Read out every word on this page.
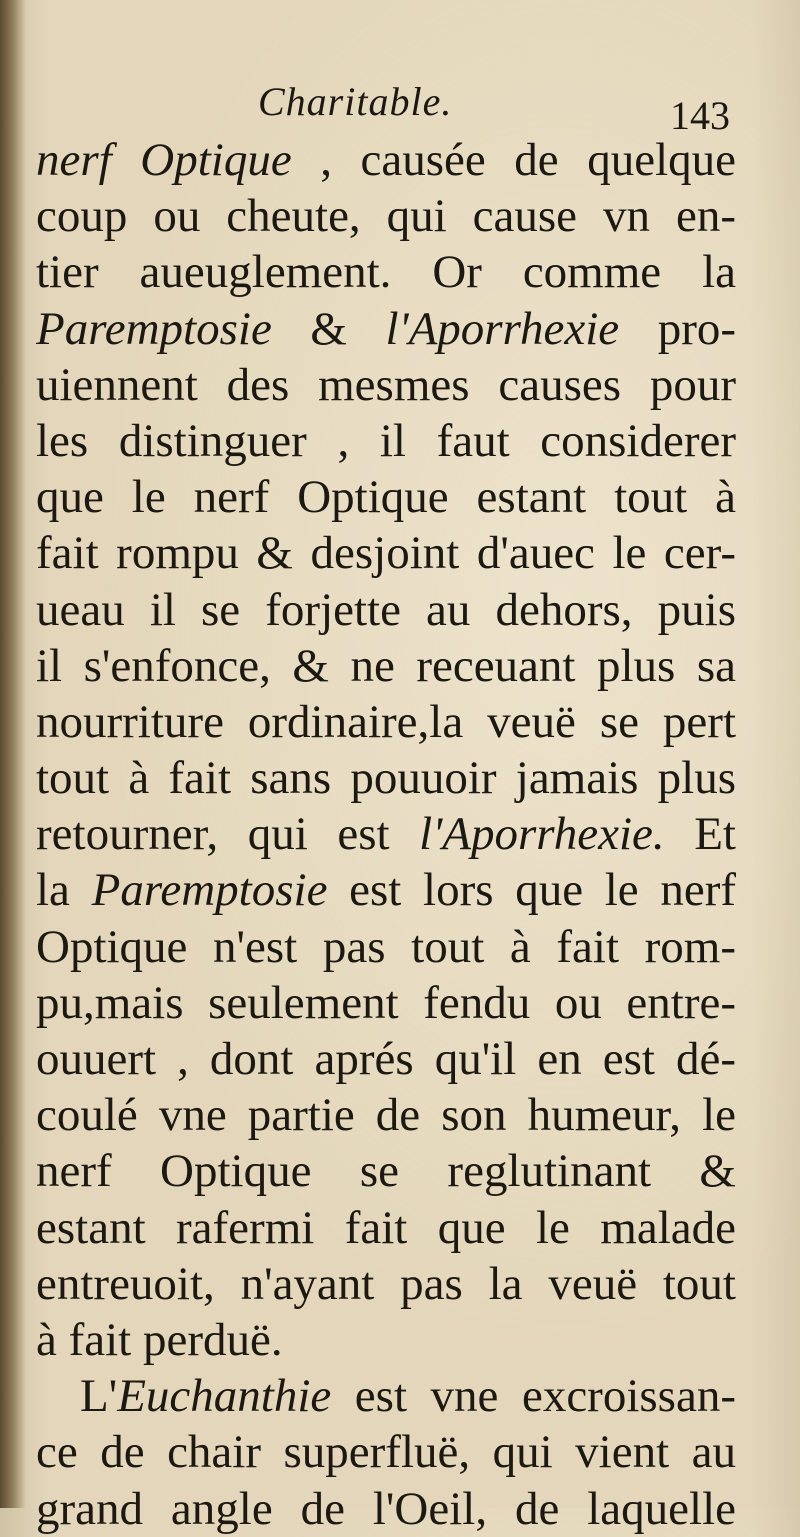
Charitable.	143
nerf Optique , causée de quelque
coup ou cheute, qui cause vn en-
tier aueuglement. Or comme la
Paremptosie & l'Aporrhexie pro-
uiennent des mesmes causes pour
les distinguer , il faut considerer
que le nerf Optique estant tout à
fait rompu & desjoint d'auec le cer-
ueau il se forjette au dehors, puis
il s'enfonce, & ne receuant plus sa
nourriture ordinaire,la veuë se pert
tout à fait sans pouuoir jamais plus
retourner, qui est l'Aporrhexie. Et
la Paremptosie est lors que le nerf
Optique n'est pas tout à fait rom-
pu,mais seulement fendu ou entre-
ouuert , dont aprés qu'il en est dé-
coulé vne partie de son humeur, le
nerf Optique se reglutinant &
estant rafermi fait que le malade
entreuoit, n'ayant pas la veuë tout
à fait perduë.
L'Euchanthie est vne excroissan-
ce de chair superfluë, qui vient au
grand angle de l'Oeil, de laquelle
